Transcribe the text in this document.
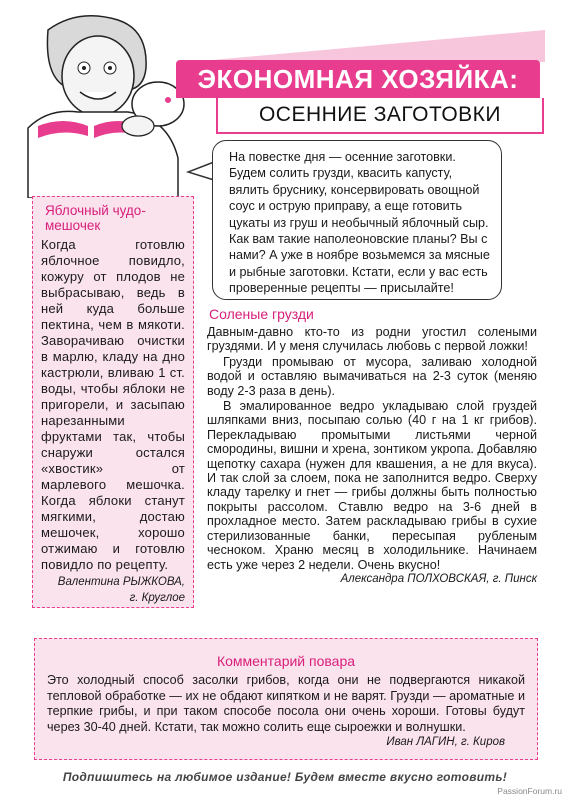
ЭКОНОМНАЯ ХОЗЯЙКА:
ОСЕННИЕ ЗАГОТОВКИ
На повестке дня — осенние заготовки. Будем солить грузди, квасить капусту, вялить бруснику, консервировать овощной соус и острую приправу, а еще готовить цукаты из груш и необычный яблочный сыр. Как вам такие наполеоновские планы? Вы с нами? А уже в ноябре возьмемся за мясные и рыбные заготовки. Кстати, если у вас есть проверенные рецепты — присылайте!
Яблочный чудо-мешочек
Когда готовлю яблочное повидло, кожуру от плодов не выбрасываю, ведь в ней куда больше пектина, чем в мякоти. Заворачиваю очистки в марлю, кладу на дно кастрюли, вливаю 1 ст. воды, чтобы яблоки не пригорели, и засыпаю нарезанными фруктами так, чтобы снаружи остался «хвостик» от марлевого мешочка. Когда яблоки станут мягкими, достаю мешочек, хорошо отжимаю и готовлю повидло по рецепту.
Валентина РЫЖКОВА,
г. Круглое
Соленые грузди

Давным-давно кто-то из родни угостил солеными груздями. И у меня случилась любовь с первой ложки!

Грузди промываю от мусора, заливаю холодной водой и оставляю вымачиваться на 2-3 суток (меняю воду 2-3 раза в день).

В эмалированное ведро укладываю слой груздей шляпками вниз, посыпаю солью (40 г на 1 кг грибов). Перекладываю промытыми листьями черной смородины, вишни и хрена, зонтиком укропа. Добавляю щепотку сахара (нужен для квашения, а не для вкуса). И так слой за слоем, пока не заполнится ведро. Сверху кладу тарелку и гнет — грибы должны быть полностью покрыты рассолом. Ставлю ведро на 3-6 дней в прохладное место. Затем раскладываю грибы в сухие стерилизованные банки, пересыпая рубленым чесноком. Храню месяц в холодильнике. Начинаем есть уже через 2 недели. Очень вкусно!

Александра ПОЛХОВСКАЯ, г. Пинск
Комментарий повара
Это холодный способ засолки грибов, когда они не подвергаются никакой тепловой обработке — их не обдают кипятком и не варят. Грузди — ароматные и терпкие грибы, и при таком способе посола они очень хороши. Готовы будут через 30-40 дней. Кстати, так можно солить еще сыроежки и волнушки.
Иван ЛАГИН, г. Киров
Подпишитесь на любимое издание! Будем вместе вкусно готовить!
PassionForum.ru
